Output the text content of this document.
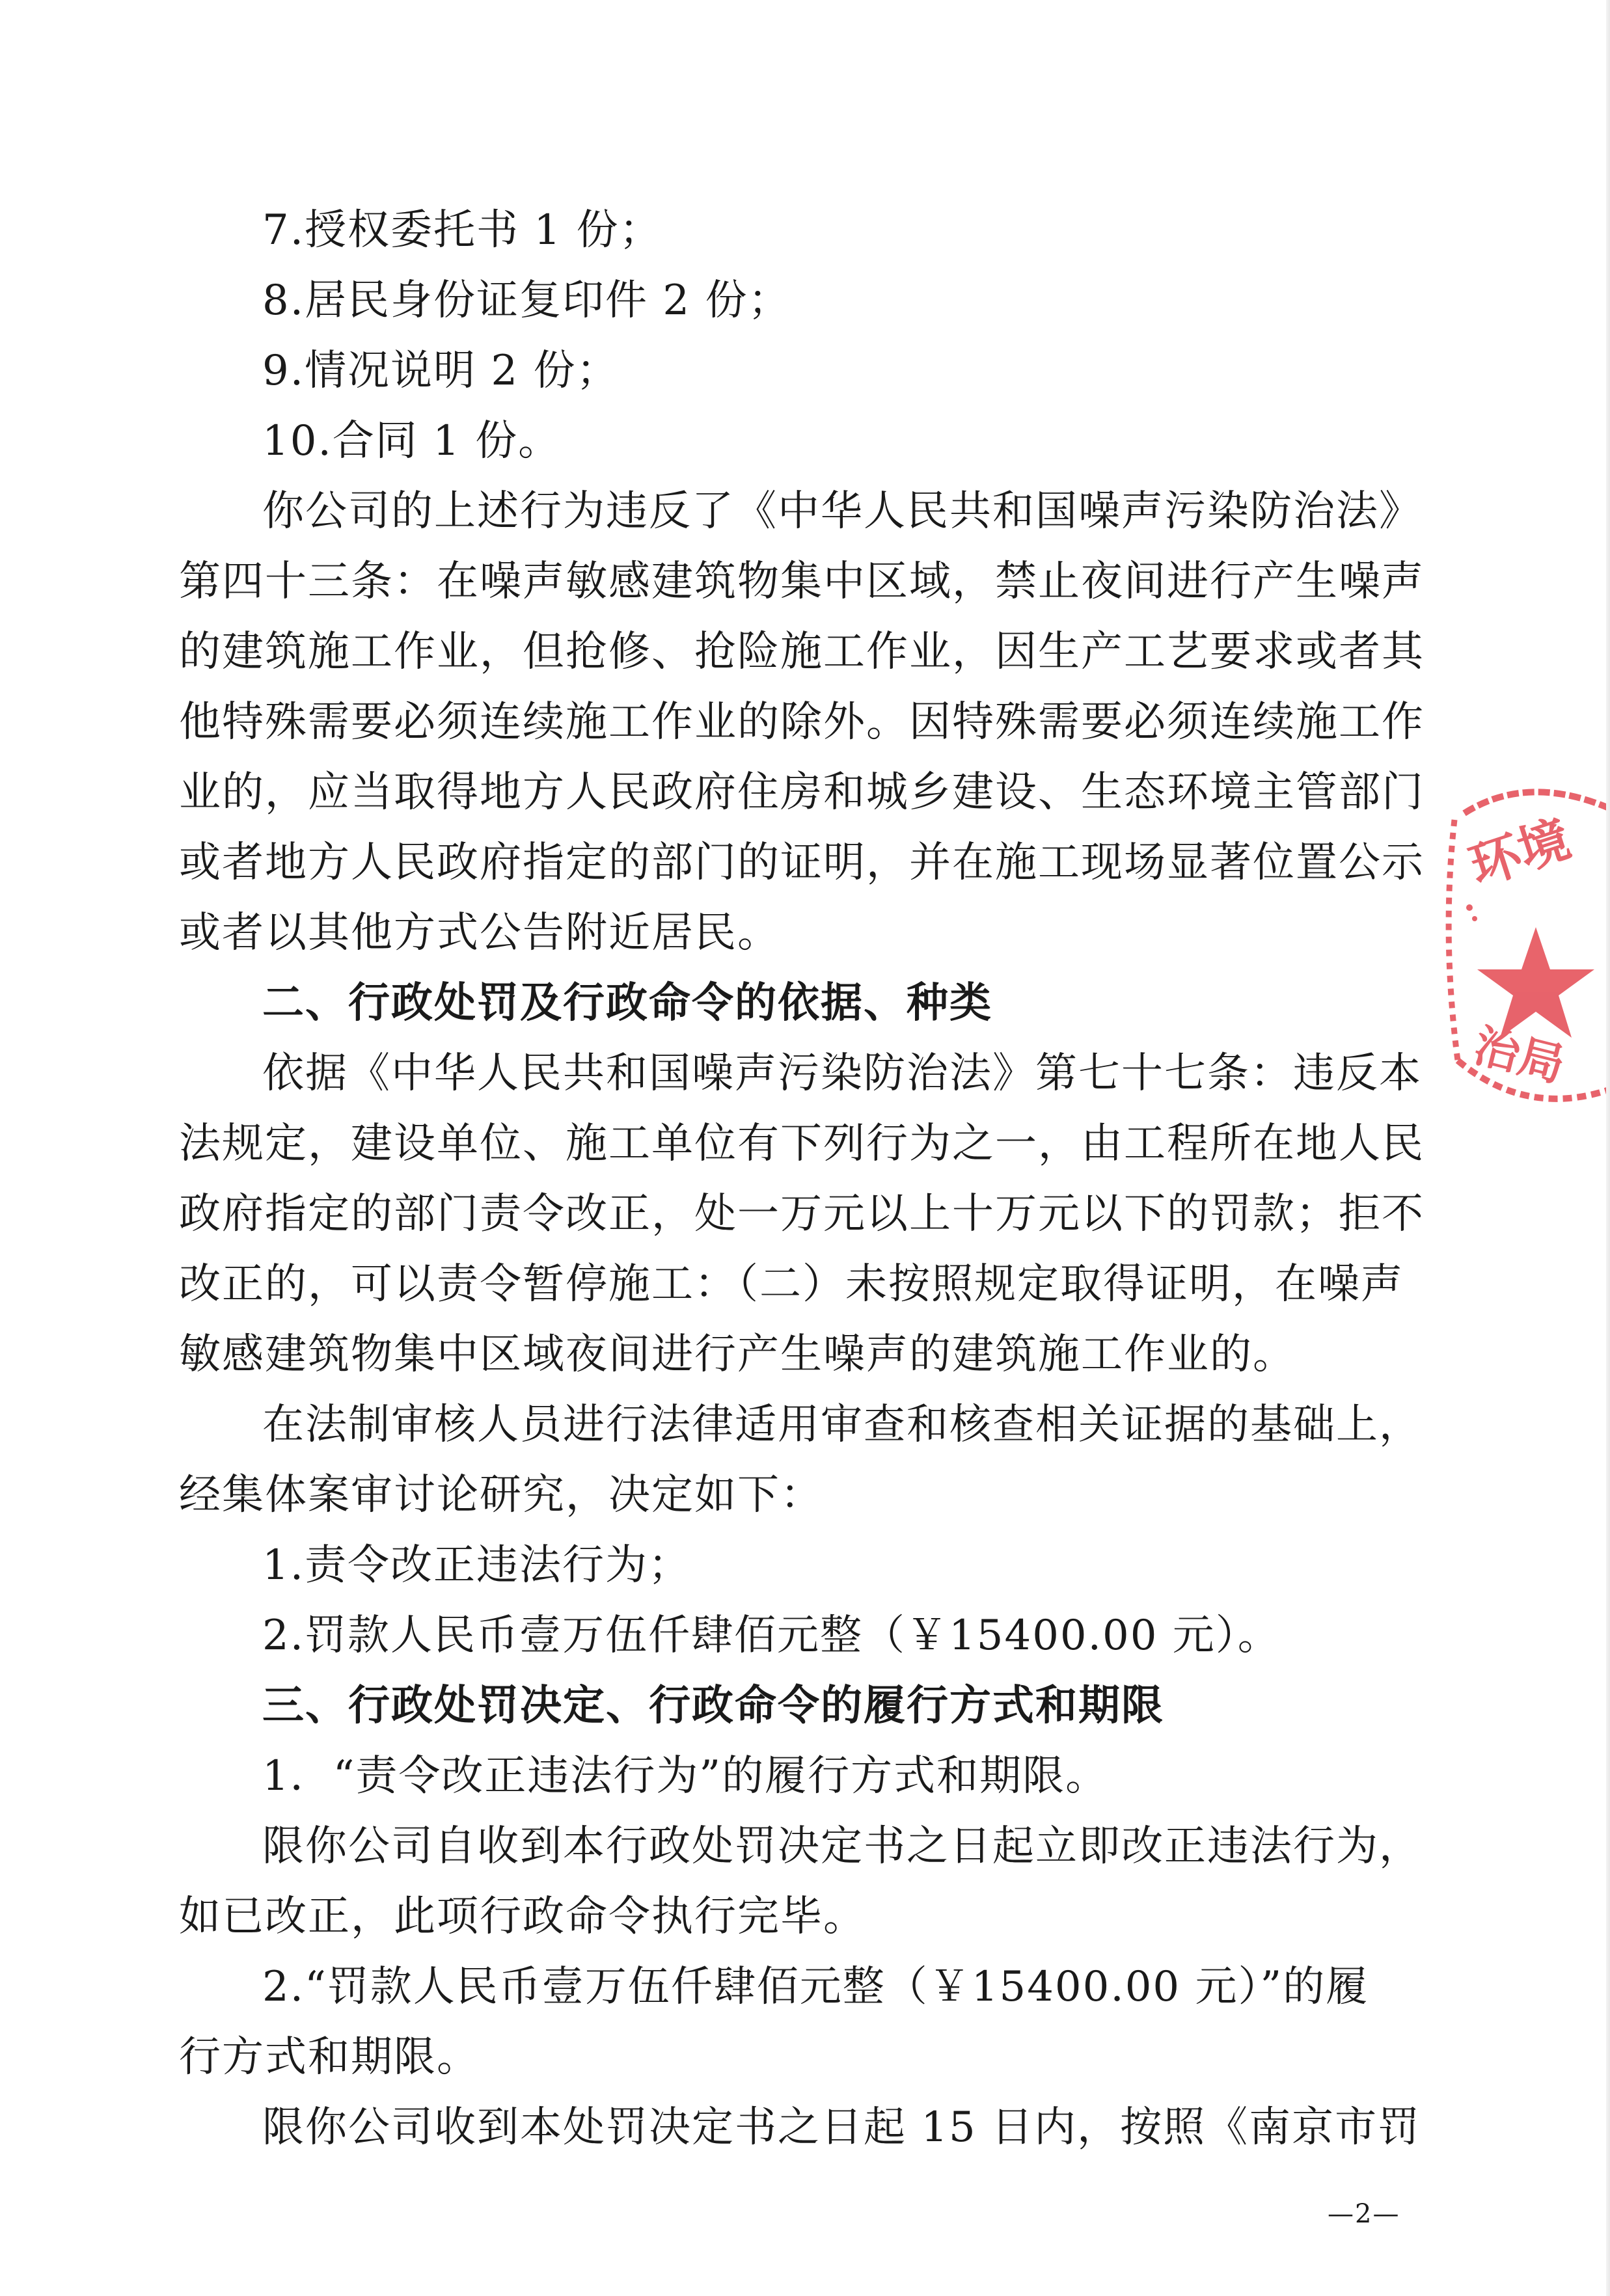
7.授权委托书 1 份；
8.居民身份证复印件 2 份；
9.情况说明 2 份；
10.合同 1 份。
你公司的上述行为违反了《中华人民共和国噪声污染防治法》
第四十三条：在噪声敏感建筑物集中区域，禁止夜间进行产生噪声
的建筑施工作业，但抢修、抢险施工作业，因生产工艺要求或者其
他特殊需要必须连续施工作业的除外。因特殊需要必须连续施工作
业的，应当取得地方人民政府住房和城乡建设、生态环境主管部门
或者地方人民政府指定的部门的证明，并在施工现场显著位置公示
或者以其他方式公告附近居民。
二、行政处罚及行政命令的依据、种类
依据《中华人民共和国噪声污染防治法》第七十七条：违反本
法规定，建设单位、施工单位有下列行为之一，由工程所在地人民
政府指定的部门责令改正，处一万元以上十万元以下的罚款；拒不
改正的，可以责令暂停施工：（二）未按照规定取得证明，在噪声
敏感建筑物集中区域夜间进行产生噪声的建筑施工作业的。
在法制审核人员进行法律适用审查和核查相关证据的基础上，
经集体案审讨论研究，决定如下：
1.责令改正违法行为；
2.罚款人民币壹万伍仟肆佰元整（￥15400.00 元）。
三、行政处罚决定、行政命令的履行方式和期限
1．“责令改正违法行为”的履行方式和期限。
限你公司自收到本行政处罚决定书之日起立即改正违法行为，
如已改正，此项行政命令执行完毕。
2.“罚款人民币壹万伍仟肆佰元整（￥15400.00 元）”的履
行方式和期限。
限你公司收到本处罚决定书之日起 15 日内，按照《南京市罚
环境
治局
—2—
